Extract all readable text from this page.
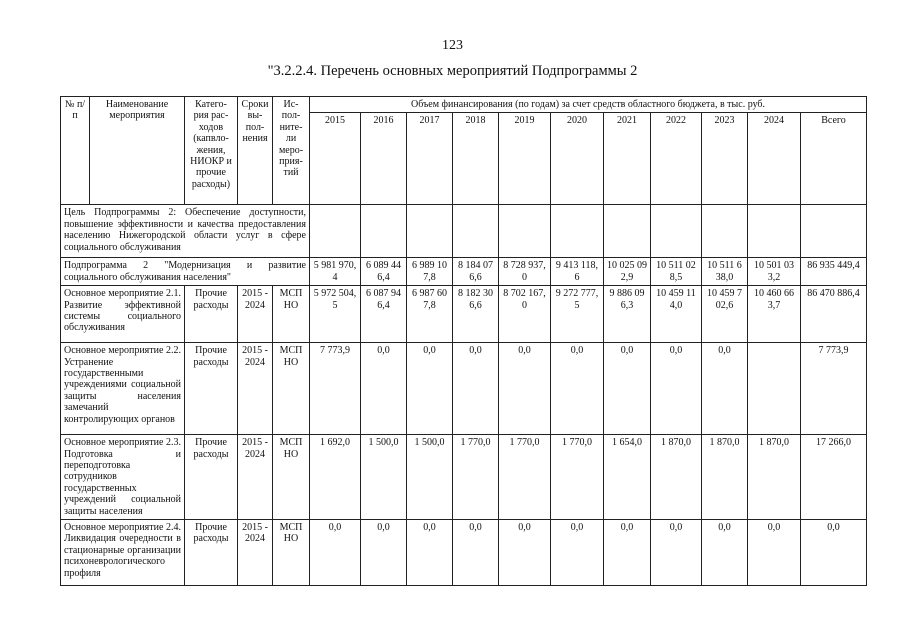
123
"3.2.2.4. Перечень основных мероприятий Подпрограммы 2
№ п/п	Наименование мероприятия	Катего-рия рас-ходов (капвло-жения, НИОКР и прочие расходы)	Сроки вы-пол-нения	Ис-пол-ните-ли меро-прия-тий	Объем финансирования (по годам) за счет средств областного бюджета, в тыс. руб.										
					2015	2016	2017	2018	2019	2020	2021	2022	2023	2024	Всего
Цель Подпрограммы 2: Обеспечение доступности, повышение эффективности и качества предоставления населению Нижегородской области услуг в сфере социального обслуживания															
Подпрограмма 2 "Модернизация и развитие социального обслуживания населения"					5 981 970,4	6 089 446,4	6 989 107,8	8 184 076,6	8 728 937,0	9 413 118,6	10 025 092,9	10 511 028,5	10 511 638,0	10 501 033,2	86 935 449,4
Основное мероприятие 2.1. Развитие эффективной системы социального обслуживания		Прочие расходы	2015 - 2024	МСП НО	5 972 504,5	6 087 946,4	6 987 607,8	8 182 306,6	8 702 167,0	9 272 777,5	9 886 096,3	10 459 114,0	10 459 702,6	10 460 663,7	86 470 886,4
Основное мероприятие 2.2. Устранение государственными учреждениями социальной защиты населения замечаний контролирующих органов		Прочие расходы	2015 - 2024	МСП НО	7 773,9	0,0	0,0	0,0	0,0	0,0	0,0	0,0	0,0		7 773,9
Основное мероприятие 2.3. Подготовка и переподготовка сотрудников государственных учреждений социальной защиты населения		Прочие расходы	2015 - 2024	МСП НО	1 692,0	1 500,0	1 500,0	1 770,0	1 770,0	1 770,0	1 654,0	1 870,0	1 870,0	1 870,0	17 266,0
Основное мероприятие 2.4. Ликвидация очередности в стационарные организации психоневрологического профиля		Прочие расходы	2015 - 2024	МСП НО	0,0	0,0	0,0	0,0	0,0	0,0	0,0	0,0	0,0	0,0	0,0
